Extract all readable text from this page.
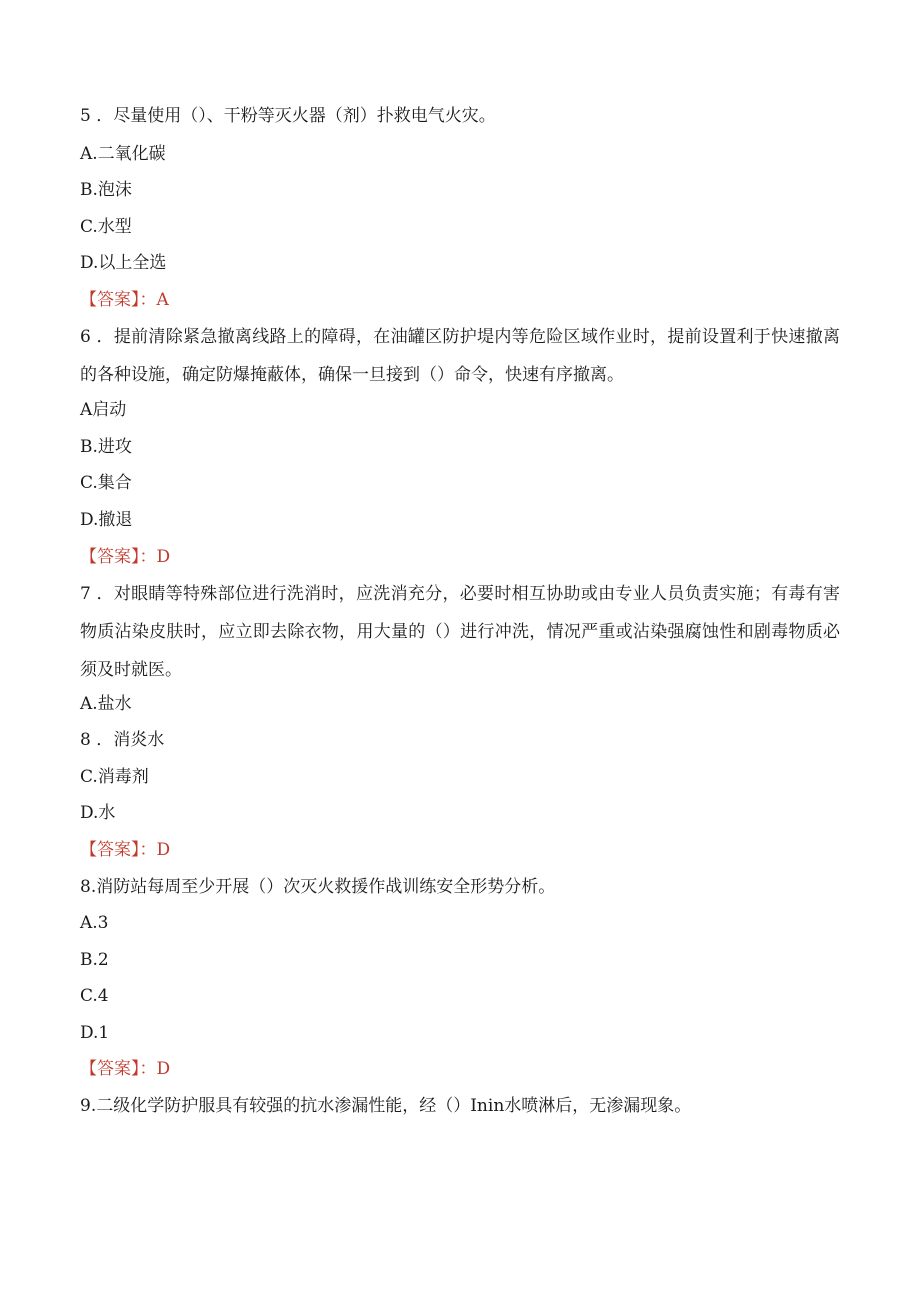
5 ．尽量使用（）、干粉等灭火器（剂）扑救电气火灾。
A.二氧化碳
B.泡沫
C.水型
D.以上全选
【答案】：A
6 ．提前清除紧急撤离线路上的障碍，在油罐区防护堤内等危险区域作业时，提前设置利于快速撤离的各种设施，确定防爆掩蔽体，确保一旦接到（）命令，快速有序撤离。
A启动
B.进攻
C.集合
D.撤退
【答案】：D
7 ．对眼睛等特殊部位进行洗消时，应洗消充分，必要时相互协助或由专业人员负责实施；有毒有害物质沾染皮肤时，应立即去除衣物，用大量的（）进行冲洗，情况严重或沾染强腐蚀性和剧毒物质必须及时就医。
A.盐水
8 ．消炎水
C.消毒剂
D.水
【答案】：D
8.消防站每周至少开展（）次灭火救援作战训练安全形势分析。
A.3
B.2
C.4
D.1
【答案】：D
9.二级化学防护服具有较强的抗水渗漏性能，经（）Inin水喷淋后，无渗漏现象。
